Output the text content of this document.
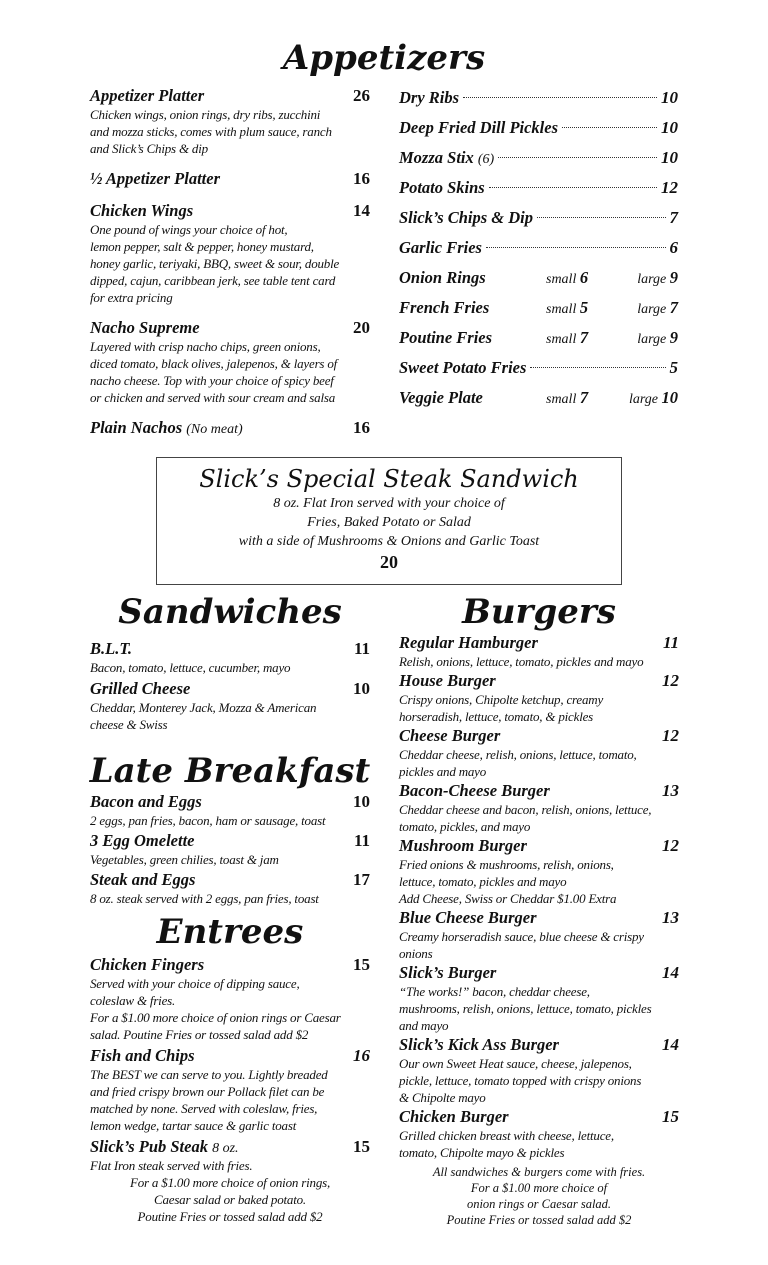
Appetizers
Appetizer Platter	26
Chicken wings, onion rings, dry ribs, zucchini
and mozza sticks, comes with plum sauce, ranch
and Slick’s Chips & dip
½ Appetizer Platter	16
Chicken Wings	14
One pound of wings your choice of hot,
lemon pepper, salt & pepper, honey mustard,
honey garlic, teriyaki, BBQ, sweet & sour, double
dipped, cajun, caribbean jerk, see table tent card
for extra pricing
Nacho Supreme	20
Layered with crisp nacho chips, green onions,
diced tomato, black olives, jalepenos, & layers of
nacho cheese. Top with your choice of spicy beef
or chicken and served with sour cream and salsa
Plain Nachos (No meat)	16
Dry Ribs	10
Deep Fried Dill Pickles	10
Mozza Stix (6)	10
Potato Skins	12
Slick’s Chips & Dip	7
Garlic Fries	6
Onion Rings	small 6	large 9
French Fries	small 5	large 7
Poutine Fries	small 7	large 9
Sweet Potato Fries	5
Veggie Plate	small 7	large 10
Slick’s Special Steak Sandwich
8 oz. Flat Iron served with your choice of
Fries, Baked Potato or Salad
with a side of Mushrooms & Onions and Garlic Toast
20
Sandwiches
B.L.T.	11
Bacon, tomato, lettuce, cucumber, mayo
Grilled Cheese	10
Cheddar, Monterey Jack, Mozza & American
cheese & Swiss
Late Breakfast
Bacon and Eggs	10
2 eggs, pan fries, bacon, ham or sausage, toast
3 Egg Omelette	11
Vegetables, green chilies, toast & jam
Steak and Eggs	17
8 oz. steak served with 2 eggs, pan fries, toast
Entrees
Chicken Fingers	15
Served with your choice of dipping sauce,
coleslaw & fries.
For a $1.00 more choice of onion rings or Caesar
salad. Poutine Fries or tossed salad add $2
Fish and Chips	16
The BEST we can serve to you. Lightly breaded
and fried crispy brown our Pollack filet can be
matched by none. Served with coleslaw, fries,
lemon wedge, tartar sauce & garlic toast
Slick’s Pub Steak 8 oz.	15
Flat Iron steak served with fries.
For a $1.00 more choice of onion rings,
Caesar salad or baked potato.
Poutine Fries or tossed salad add $2
Burgers
Regular Hamburger	11
Relish, onions, lettuce, tomato, pickles and mayo
House Burger	12
Crispy onions, Chipolte ketchup, creamy
horseradish, lettuce, tomato, & pickles
Cheese Burger	12
Cheddar cheese, relish, onions, lettuce, tomato,
pickles and mayo
Bacon-Cheese Burger	13
Cheddar cheese and bacon, relish, onions, lettuce,
tomato, pickles, and mayo
Mushroom Burger	12
Fried onions & mushrooms, relish, onions,
lettuce, tomato, pickles and mayo
Add Cheese, Swiss or Cheddar $1.00 Extra
Blue Cheese Burger	13
Creamy horseradish sauce, blue cheese & crispy
onions
Slick’s Burger	14
“The works!” bacon, cheddar cheese,
mushrooms, relish, onions, lettuce, tomato, pickles
and mayo
Slick’s Kick Ass Burger	14
Our own Sweet Heat sauce, cheese, jalepenos,
pickle, lettuce, tomato topped with crispy onions
& Chipolte mayo
Chicken Burger	15
Grilled chicken breast with cheese, lettuce,
tomato, Chipolte mayo & pickles
All sandwiches & burgers come with fries.
For a $1.00 more choice of
onion rings or Caesar salad.
Poutine Fries or tossed salad add $2
